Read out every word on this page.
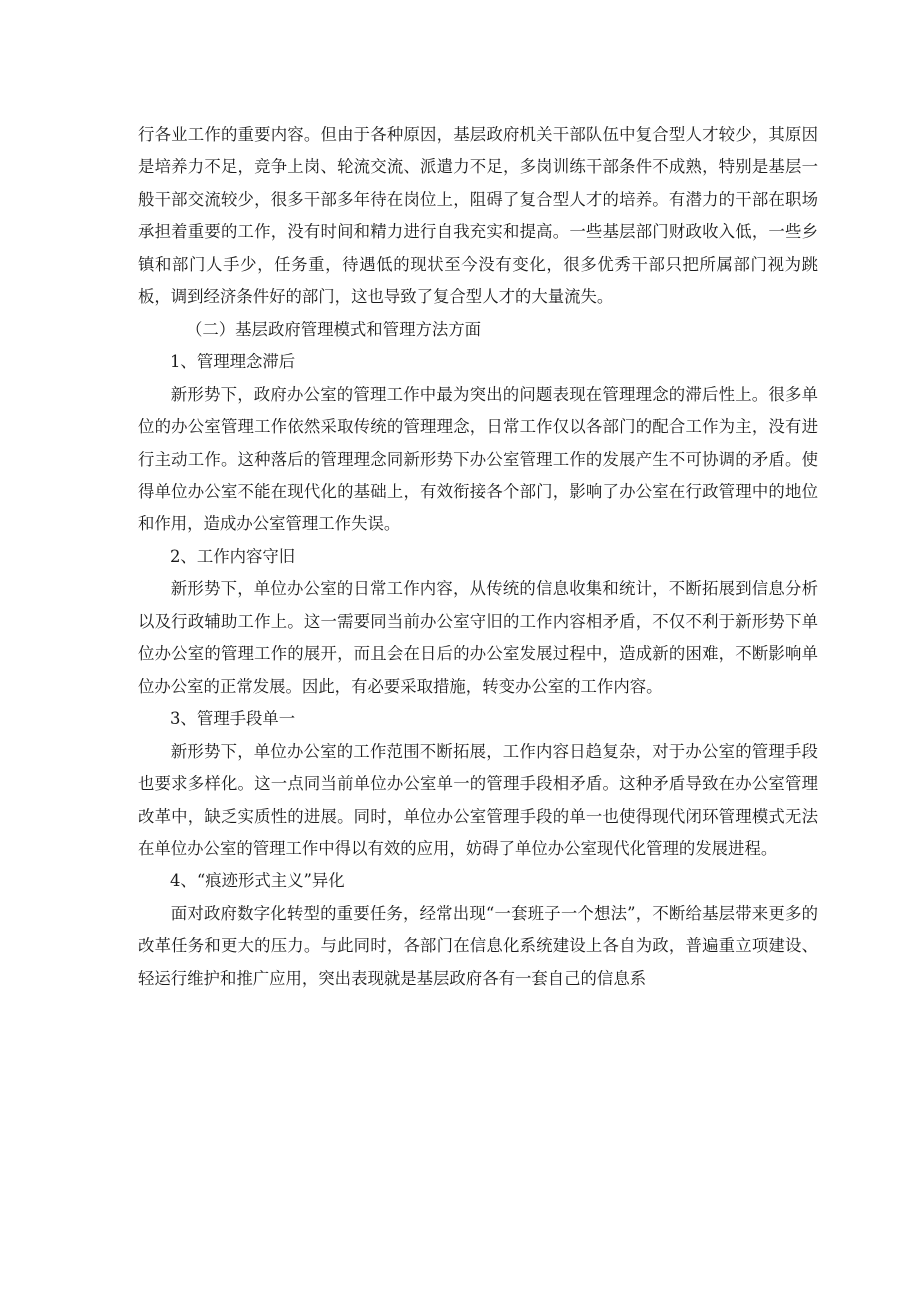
行各业工作的重要内容。但由于各种原因，基层政府机关干部队伍中复合型人才较少，其原因是培养力不足，竞争上岗、轮流交流、派遣力不足，多岗训练干部条件不成熟，特别是基层一般干部交流较少，很多干部多年待在岗位上，阻碍了复合型人才的培养。有潜力的干部在职场承担着重要的工作，没有时间和精力进行自我充实和提高。一些基层部门财政收入低，一些乡镇和部门人手少，任务重，待遇低的现状至今没有变化，很多优秀干部只把所属部门视为跳板，调到经济条件好的部门，这也导致了复合型人才的大量流失。

（二）基层政府管理模式和管理方法方面

1、管理理念滞后

新形势下，政府办公室的管理工作中最为突出的问题表现在管理理念的滞后性上。很多单位的办公室管理工作依然采取传统的管理理念，日常工作仅以各部门的配合工作为主，没有进行主动工作。这种落后的管理理念同新形势下办公室管理工作的发展产生不可协调的矛盾。使得单位办公室不能在现代化的基础上，有效衔接各个部门，影响了办公室在行政管理中的地位和作用，造成办公室管理工作失误。

2、工作内容守旧

新形势下，单位办公室的日常工作内容，从传统的信息收集和统计，不断拓展到信息分析以及行政辅助工作上。这一需要同当前办公室守旧的工作内容相矛盾，不仅不利于新形势下单位办公室的管理工作的展开，而且会在日后的办公室发展过程中，造成新的困难，不断影响单位办公室的正常发展。因此，有必要采取措施，转变办公室的工作内容。

3、管理手段单一

新形势下，单位办公室的工作范围不断拓展，工作内容日趋复杂，对于办公室的管理手段也要求多样化。这一点同当前单位办公室单一的管理手段相矛盾。这种矛盾导致在办公室管理改革中，缺乏实质性的进展。同时，单位办公室管理手段的单一也使得现代闭环管理模式无法在单位办公室的管理工作中得以有效的应用，妨碍了单位办公室现代化管理的发展进程。

4、“痕迹形式主义”异化

面对政府数字化转型的重要任务，经常出现“一套班子一个想法”，不断给基层带来更多的改革任务和更大的压力。与此同时，各部门在信息化系统建设上各自为政，普遍重立项建设、轻运行维护和推广应用，突出表现就是基层政府各有一套自己的信息系
